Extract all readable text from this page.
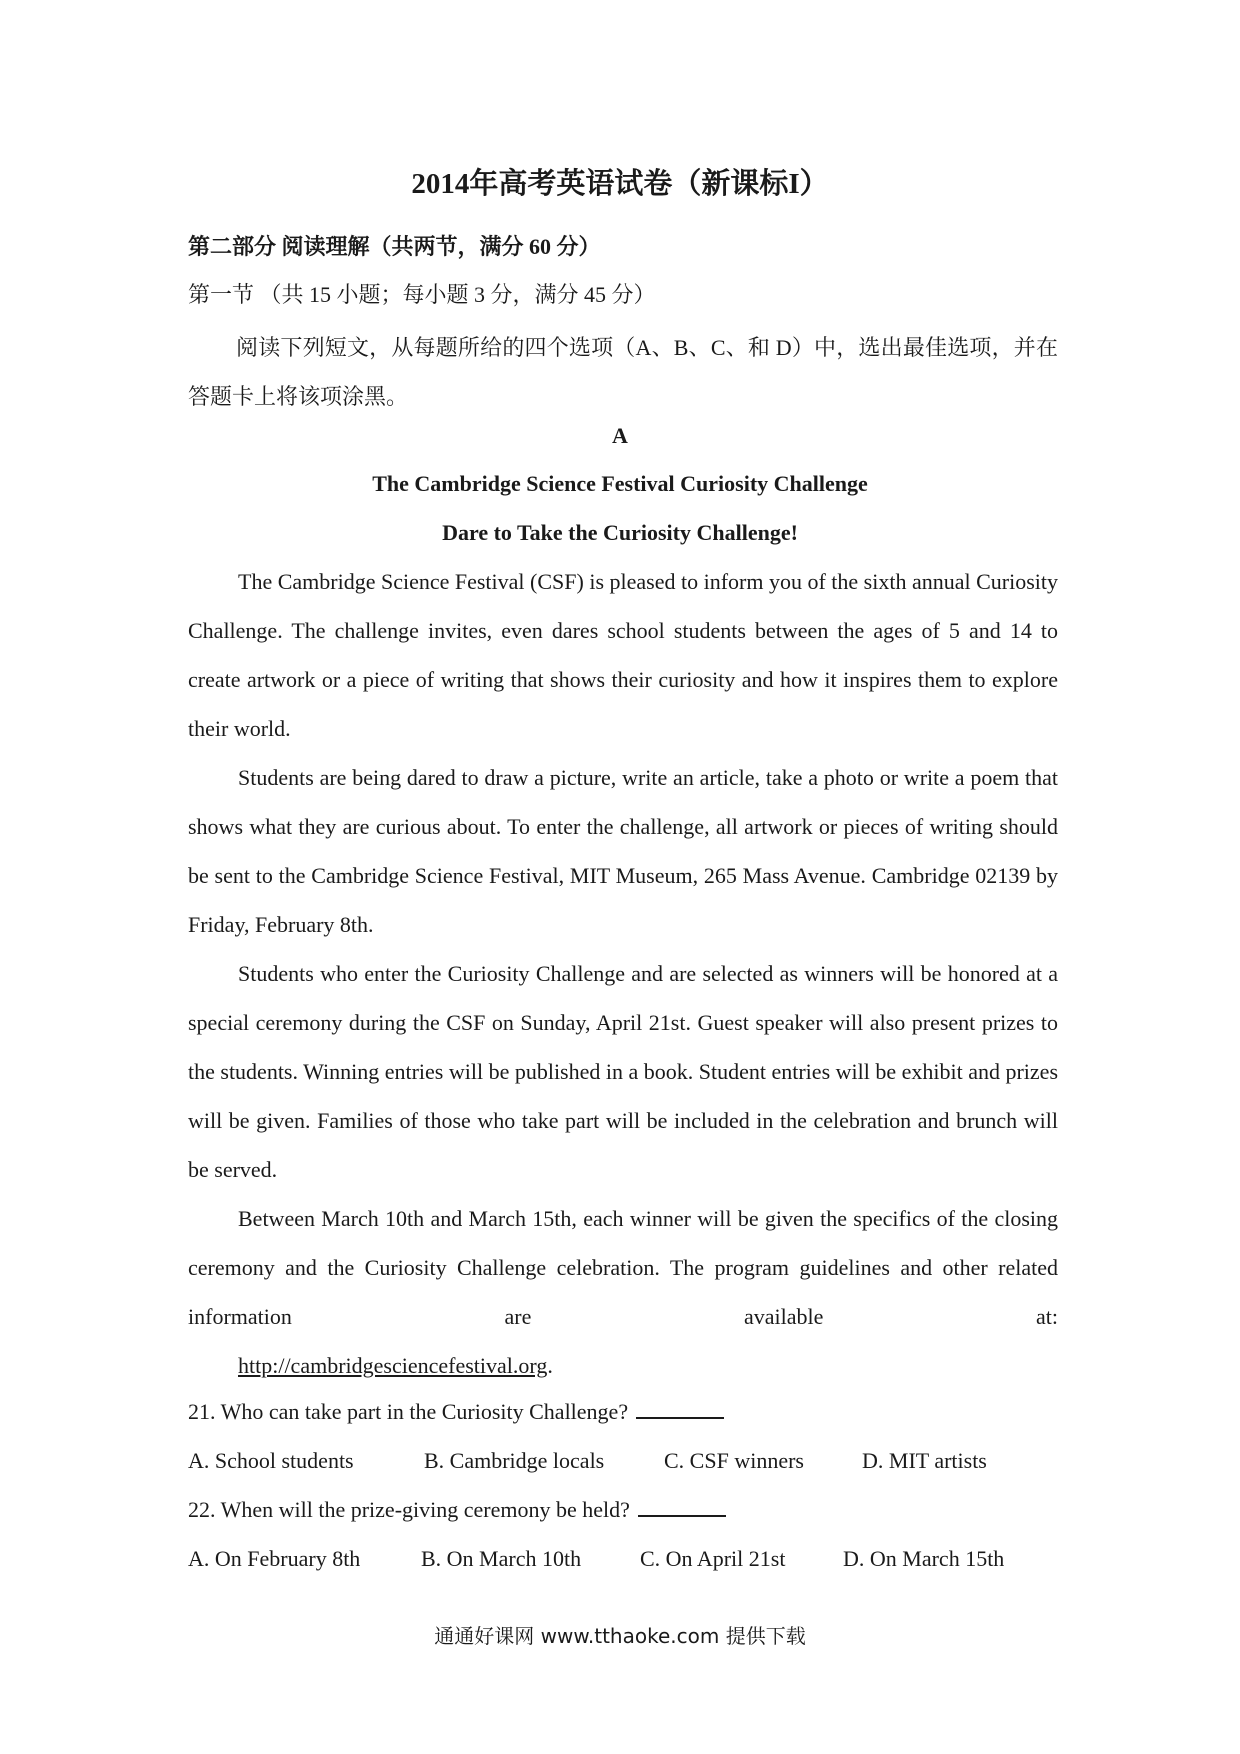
2014年高考英语试卷（新课标I）
第二部分 阅读理解（共两节，满分 60 分）

第一节 （共 15 小题；每小题 3 分，满分 45 分）

阅读下列短文，从每题所给的四个选项（A、B、C、和 D）中，选出最佳选项，并在答题卡上将该项涂黑。

A
The Cambridge Science Festival Curiosity Challenge
Dare to Take the Curiosity Challenge!

The Cambridge Science Festival (CSF) is pleased to inform you of the sixth annual Curiosity Challenge. The challenge invites, even dares school students between the ages of 5 and 14 to create artwork or a piece of writing that shows their curiosity and how it inspires them to explore their world.

Students are being dared to draw a picture, write an article, take a photo or write a poem that shows what they are curious about. To enter the challenge, all artwork or pieces of writing should be sent to the Cambridge Science Festival, MIT Museum, 265 Mass Avenue. Cambridge 02139 by Friday, February 8th.

Students who enter the Curiosity Challenge and are selected as winners will be honored at a special ceremony during the CSF on Sunday, April 21st. Guest speaker will also present prizes to the students. Winning entries will be published in a book. Student entries will be exhibit and prizes will be given. Families of those who take part will be included in the celebration and brunch will be served.

Between March 10th and March 15th, each winner will be given the specifics of the closing ceremony and the Curiosity Challenge celebration. The program guidelines and other related information are available at:

http://cambridgesciencefestival.org.

21. Who can take part in the Curiosity Challenge?

A. School students	B. Cambridge locals	C. CSF winners	D. MIT artists

22. When will the prize-giving ceremony be held?

A. On February 8th	B. On March 10th	C. On April 21st	D. On March 15th
通通好课网 www.tthaoke.com 提供下载
